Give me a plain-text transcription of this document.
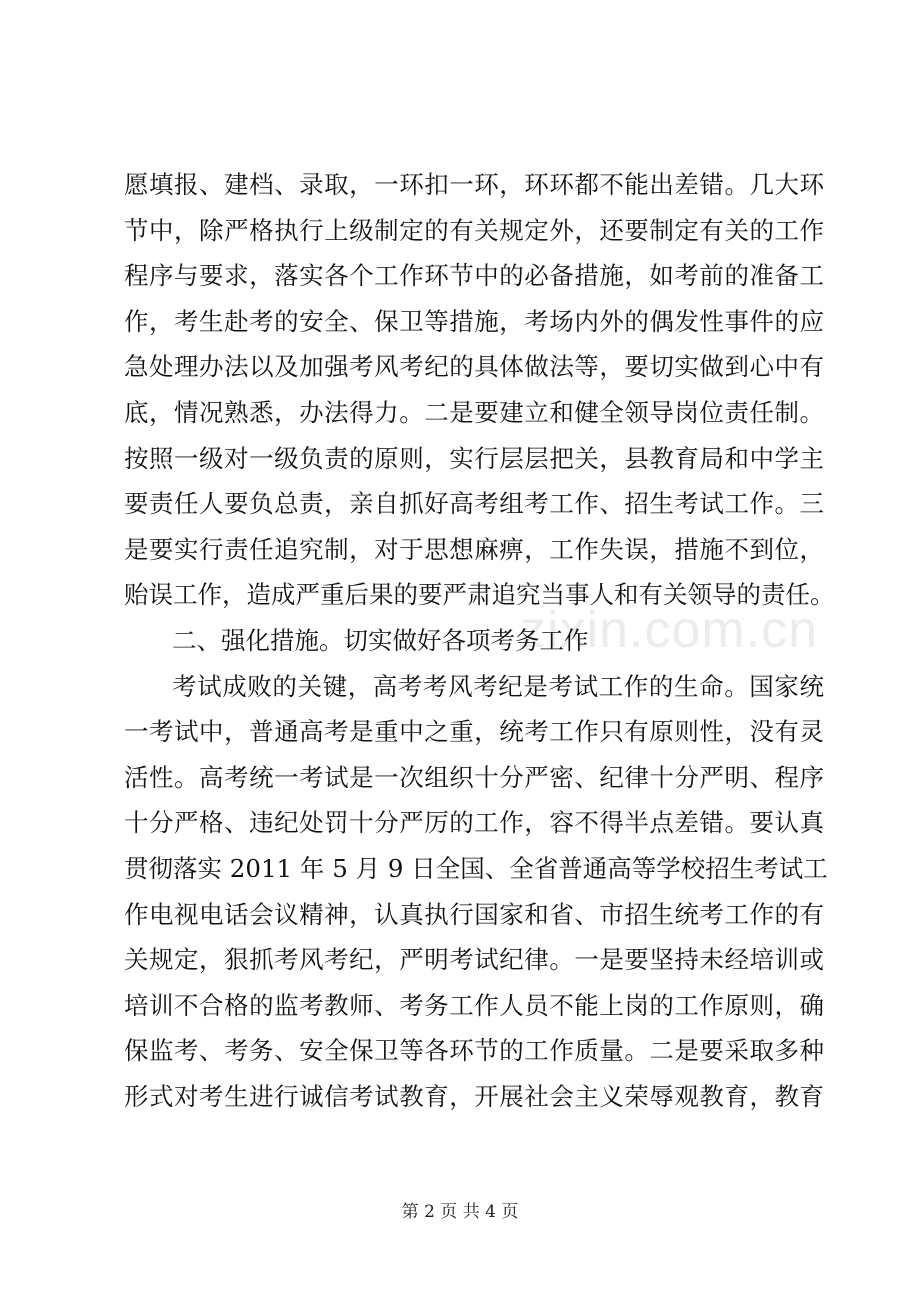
zixin.com.cn
愿填报、建档、录取，一环扣一环，环环都不能出差错。几大环
节中，除严格执行上级制定的有关规定外，还要制定有关的工作
程序与要求，落实各个工作环节中的必备措施，如考前的准备工
作，考生赴考的安全、保卫等措施，考场内外的偶发性事件的应
急处理办法以及加强考风考纪的具体做法等，要切实做到心中有
底，情况熟悉，办法得力。二是要建立和健全领导岗位责任制。
按照一级对一级负责的原则，实行层层把关，县教育局和中学主
要责任人要负总责，亲自抓好高考组考工作、招生考试工作。三
是要实行责任追究制，对于思想麻痹，工作失误，措施不到位，
贻误工作，造成严重后果的要严肃追究当事人和有关领导的责任。
二、强化措施。切实做好各项考务工作
考试成败的关键，高考考风考纪是考试工作的生命。国家统
一考试中，普通高考是重中之重，统考工作只有原则性，没有灵
活性。高考统一考试是一次组织十分严密、纪律十分严明、程序
十分严格、违纪处罚十分严厉的工作，容不得半点差错。要认真
贯彻落实 2011 年 5 月 9 日全国、全省普通高等学校招生考试工
作电视电话会议精神，认真执行国家和省、市招生统考工作的有
关规定，狠抓考风考纪，严明考试纪律。一是要坚持未经培训或
培训不合格的监考教师、考务工作人员不能上岗的工作原则，确
保监考、考务、安全保卫等各环节的工作质量。二是要采取多种
形式对考生进行诚信考试教育，开展社会主义荣辱观教育，教育
第 2 页 共 4 页
